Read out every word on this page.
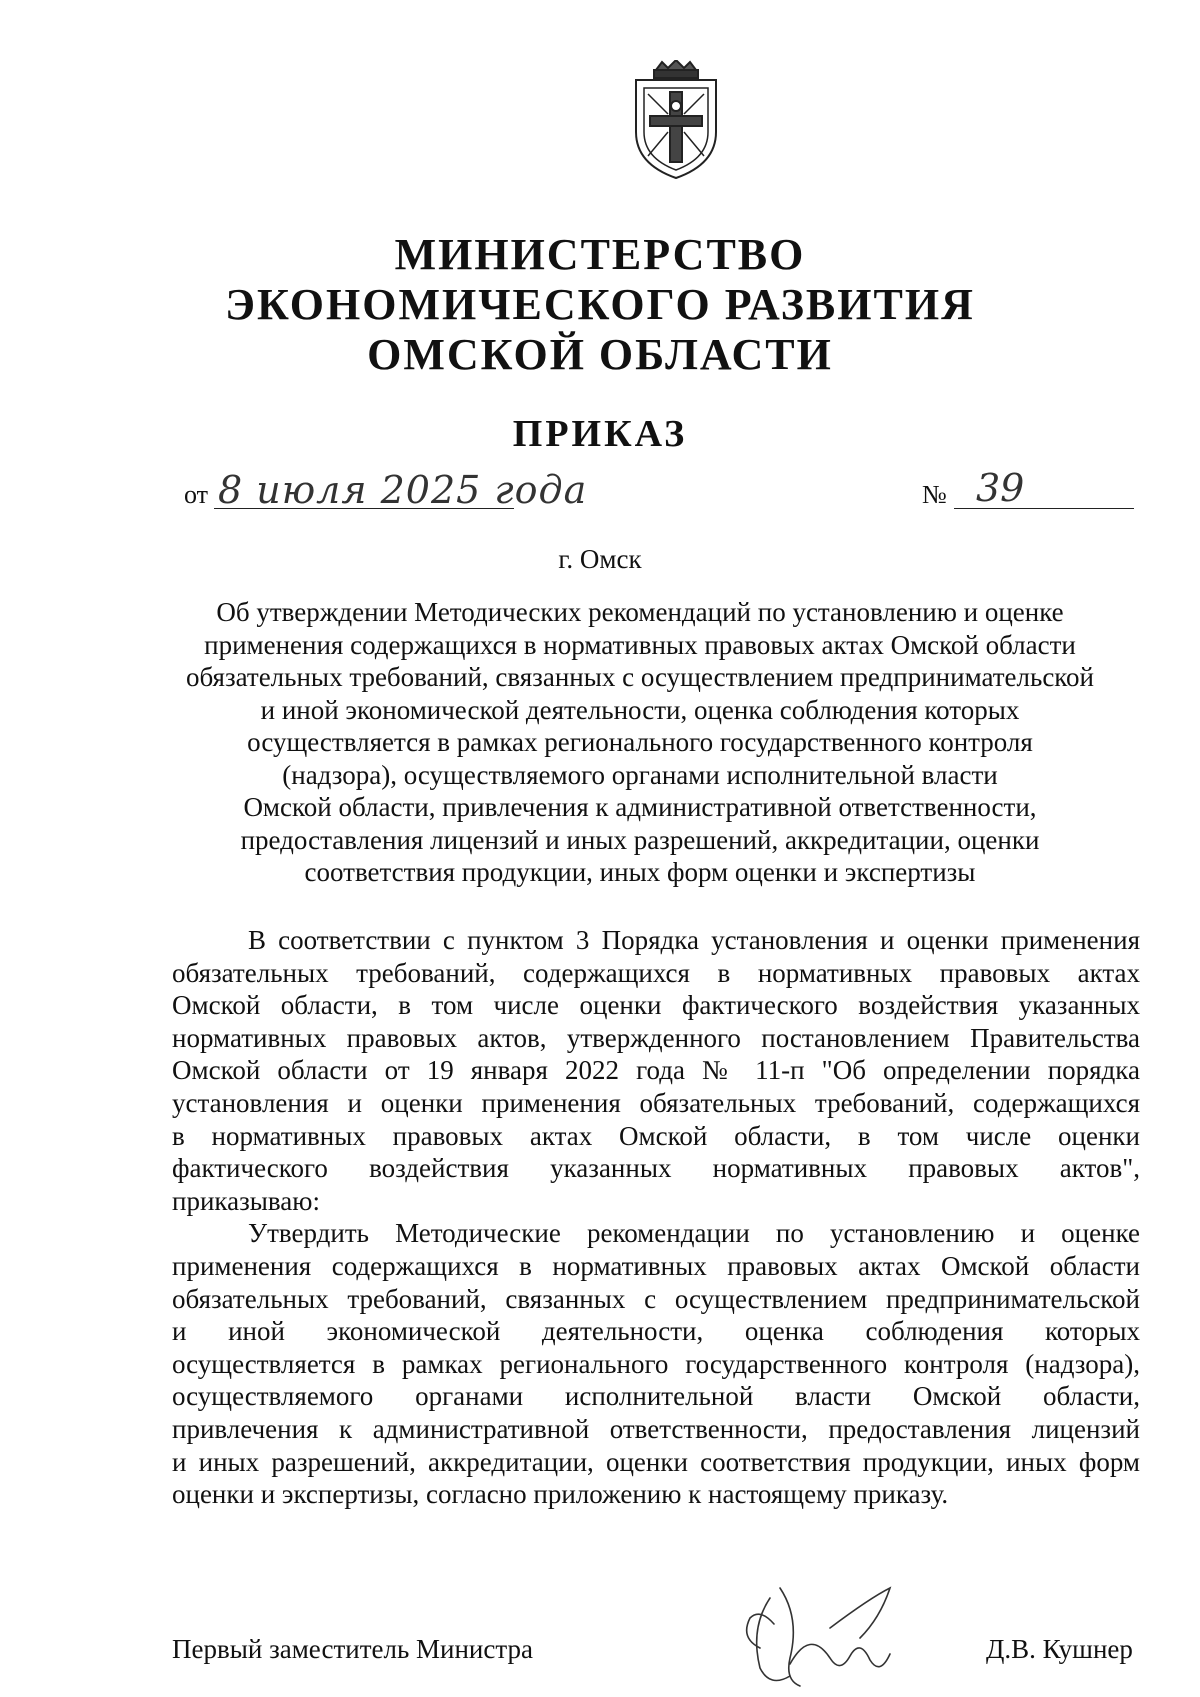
МИНИСТЕРСТВО
ЭКОНОМИЧЕСКОГО РАЗВИТИЯ
ОМСКОЙ ОБЛАСТИ
ПРИКАЗ
от 8 июля 2025 года	№ 39
г. Омск
Об утверждении Методических рекомендаций по установлению и оценке
применения содержащихся в нормативных правовых актах Омской области
обязательных требований, связанных с осуществлением предпринимательской
и иной экономической деятельности, оценка соблюдения которых
осуществляется в рамках регионального государственного контроля
(надзора), осуществляемого органами исполнительной власти
Омской области, привлечения к административной ответственности,
предоставления лицензий и иных разрешений, аккредитации, оценки
соответствия продукции, иных форм оценки и экспертизы
В соответствии с пунктом 3 Порядка установления и оценки применения
обязательных требований, содержащихся в нормативных правовых актах
Омской области, в том числе оценки фактического воздействия указанных
нормативных правовых актов, утвержденного постановлением Правительства
Омской области от 19 января 2022 года № 11-п "Об определении порядка
установления и оценки применения обязательных требований, содержащихся
в нормативных правовых актах Омской области, в том числе оценки
фактического воздействия указанных нормативных правовых актов",
приказываю:
Утвердить Методические рекомендации по установлению и оценке
применения содержащихся в нормативных правовых актах Омской области
обязательных требований, связанных с осуществлением предпринимательской
и иной экономической деятельности, оценка соблюдения которых
осуществляется в рамках регионального государственного контроля (надзора),
осуществляемого органами исполнительной власти Омской области,
привлечения к административной ответственности, предоставления лицензий
и иных разрешений, аккредитации, оценки соответствия продукции, иных форм
оценки и экспертизы, согласно приложению к настоящему приказу.
Первый заместитель Министра	Д.В. Кушнер
